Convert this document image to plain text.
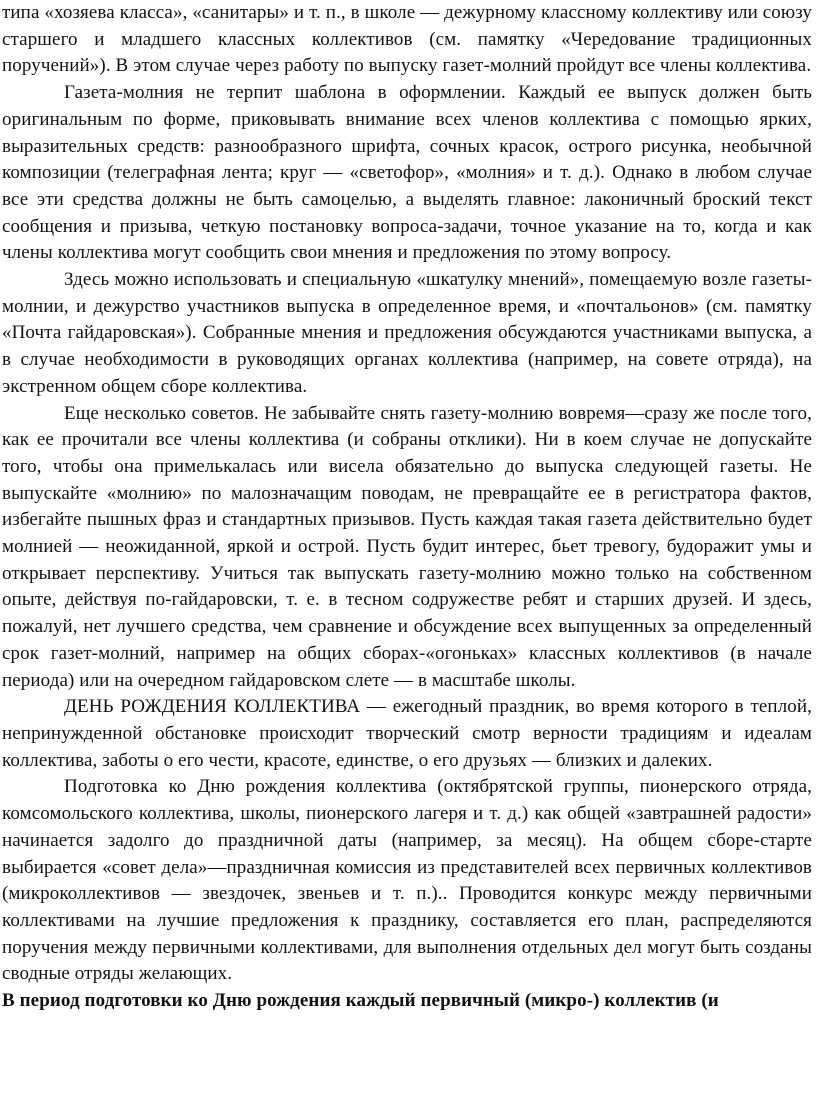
типа «хозяева класса», «санитары» и т. п., в школе — дежурному классному коллективу или союзу старшего и младшего классных коллективов (см. памятку «Чередование традиционных поручений»). В этом случае через работу по выпуску газет-молний пройдут все члены коллектива.

Газета-молния не терпит шаблона в оформлении. Каждый ее выпуск должен быть оригинальным по форме, приковывать внимание всех членов коллектива с помощью ярких, выразительных средств: разнообразного шрифта, сочных красок, острого рисунка, необычной композиции (телеграфная лента; круг — «светофор», «молния» и т. д.). Однако в любом случае все эти средства должны не быть самоцелью, а выделять главное: лаконичный броский текст сообщения и призыва, четкую постановку вопроса-задачи, точное указание на то, когда и как члены коллектива могут сообщить свои мнения и предложения по этому вопросу.

Здесь можно использовать и специальную «шкатулку мнений», помещаемую возле газеты-молнии, и дежурство участников выпуска в определенное время, и «почтальонов» (см. памятку «Почта гайдаровская»). Собранные мнения и предложения обсуждаются участниками выпуска, а в случае необходимости в руководящих органах коллектива (например, на совете отряда), на экстренном общем сборе коллектива.

Еще несколько советов. Не забывайте снять газету-молнию вовремя—сразу же после того, как ее прочитали все члены коллектива (и собраны отклики). Ни в коем случае не допускайте того, чтобы она примелькалась или висела обязательно до выпуска следующей газеты. Не выпускайте «молнию» по малозначащим поводам, не превращайте ее в регистратора фактов, избегайте пышных фраз и стандартных призывов. Пусть каждая такая газета действительно будет молнией — неожиданной, яркой и острой. Пусть будит интерес, бьет тревогу, будоражит умы и открывает перспективу. Учиться так выпускать газету-молнию можно только на собственном опыте, действуя по-гайдаровски, т. е. в тесном содружестве ребят и старших друзей. И здесь, пожалуй, нет лучшего средства, чем сравнение и обсуждение всех выпущенных за определенный срок газет-молний, например на общих сборах-«огоньках» классных коллективов (в начале периода) или на очередном гайдаровском слете — в масштабе школы.

ДЕНЬ РОЖДЕНИЯ КОЛЛЕКТИВА — ежегодный праздник, во время которого в теплой, непринужденной обстановке происходит творческий смотр верности традициям и идеалам коллектива, заботы о его чести, красоте, единстве, о его друзьях — близких и далеких.

Подготовка ко Дню рождения коллектива (октябрятской группы, пионерского отряда, комсомольского коллектива, школы, пионерского лагеря и т. д.) как общей «завтрашней радости» начинается задолго до праздничной даты (например, за месяц). На общем сборе-старте выбирается «совет дела»—праздничная комиссия из представителей всех первичных коллективов (микроколлективов — звездочек, звеньев и т. п.).. Проводится конкурс между первичными коллективами на лучшие предложения к празднику, составляется его план, распределяются поручения между первичными коллективами, для выполнения отдельных дел могут быть созданы сводные отряды желающих.

В период подготовки ко Дню рождения каждый первичный (микро-) коллектив (и
